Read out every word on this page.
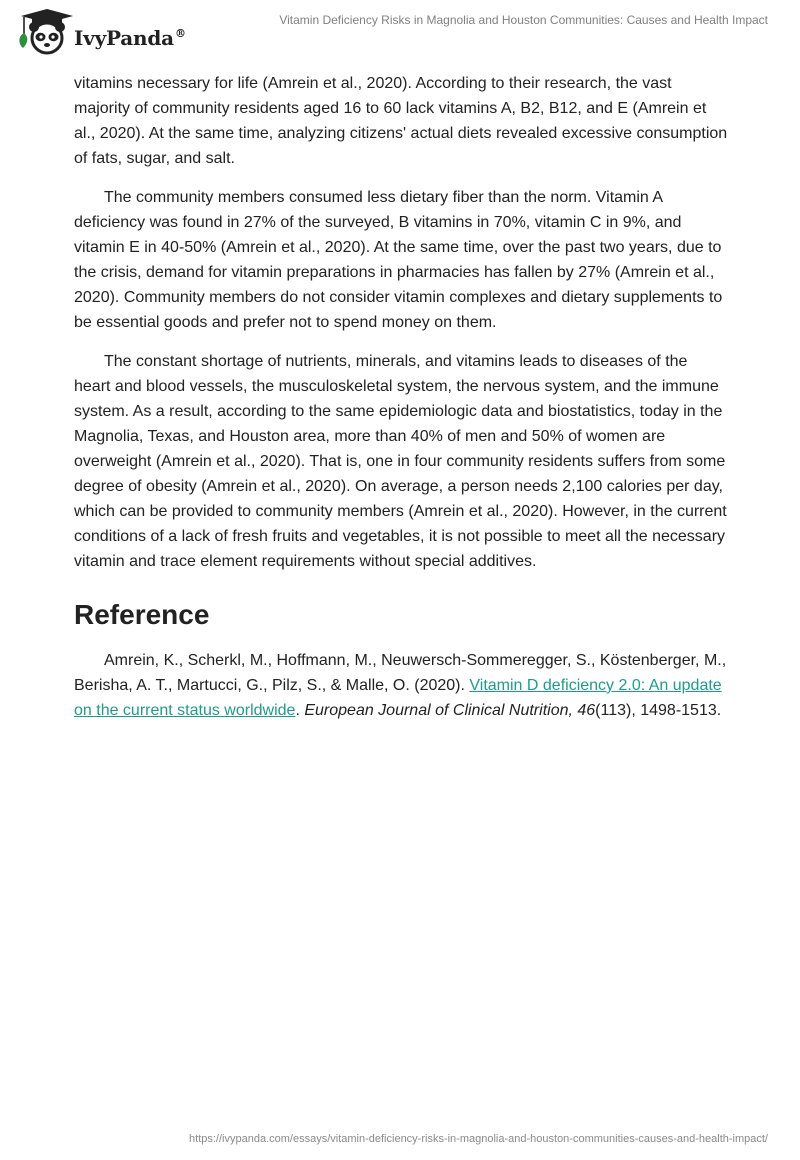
IvyPanda®
Vitamin Deficiency Risks in Magnolia and Houston Communities: Causes and Health Impact

vitamins necessary for life (Amrein et al., 2020). According to their research, the vast majority of community residents aged 16 to 60 lack vitamins A, B2, B12, and E (Amrein et al., 2020). At the same time, analyzing citizens' actual diets revealed excessive consumption of fats, sugar, and salt.

The community members consumed less dietary fiber than the norm. Vitamin A deficiency was found in 27% of the surveyed, B vitamins in 70%, vitamin C in 9%, and vitamin E in 40-50% (Amrein et al., 2020). At the same time, over the past two years, due to the crisis, demand for vitamin preparations in pharmacies has fallen by 27% (Amrein et al., 2020). Community members do not consider vitamin complexes and dietary supplements to be essential goods and prefer not to spend money on them.

The constant shortage of nutrients, minerals, and vitamins leads to diseases of the heart and blood vessels, the musculoskeletal system, the nervous system, and the immune system. As a result, according to the same epidemiologic data and biostatistics, today in the Magnolia, Texas, and Houston area, more than 40% of men and 50% of women are overweight (Amrein et al., 2020). That is, one in four community residents suffers from some degree of obesity (Amrein et al., 2020). On average, a person needs 2,100 calories per day, which can be provided to community members (Amrein et al., 2020). However, in the current conditions of a lack of fresh fruits and vegetables, it is not possible to meet all the necessary vitamin and trace element requirements without special additives.

Reference

Amrein, K., Scherkl, M., Hoffmann, M., Neuwersch-Sommeregger, S., Köstenberger, M., Berisha, A. T., Martucci, G., Pilz, S., & Malle, O. (2020). Vitamin D deficiency 2.0: An update on the current status worldwide. European Journal of Clinical Nutrition, 46(113), 1498-1513.

https://ivypanda.com/essays/vitamin-deficiency-risks-in-magnolia-and-houston-communities-causes-and-health-impact/
